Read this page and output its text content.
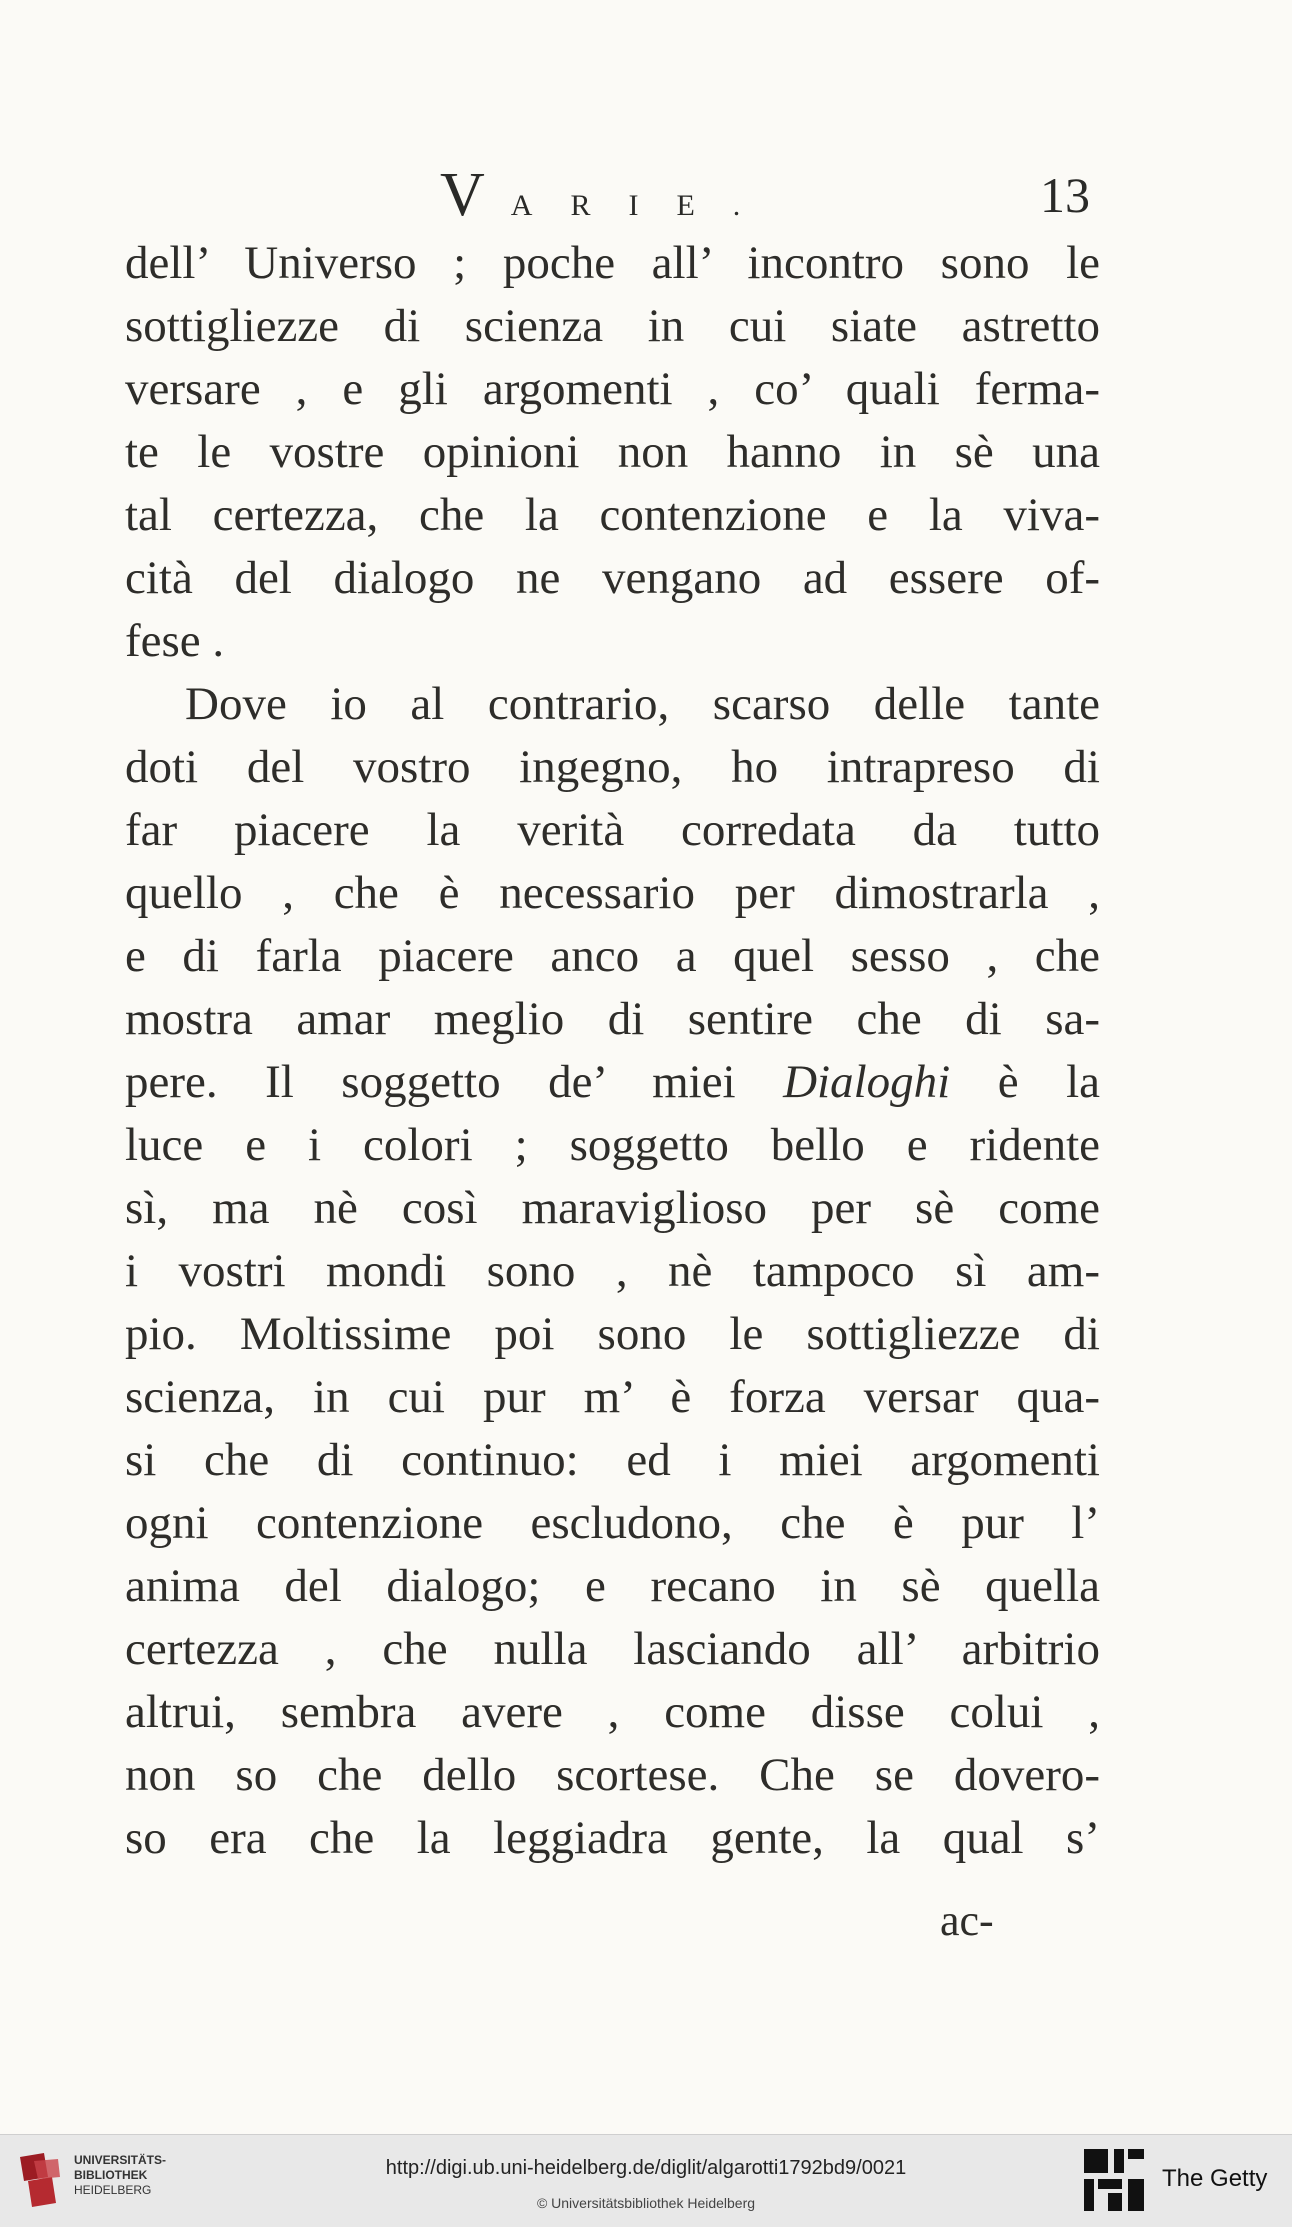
VARIE.	13
dell’ Universo ; poche all’ incontro sono le
sottigliezze di scienza in cui siate astretto
versare , e gli argomenti , co’ quali ferma-
te le vostre opinioni non hanno in sè una
tal certezza, che la contenzione e la viva-
cità del dialogo ne vengano ad essere of-
fese .
Dove io al contrario, scarso delle tante
doti del vostro ingegno, ho intrapreso di
far piacere la verità corredata da tutto
quello , che è necessario per dimostrarla ,
e di farla piacere anco a quel sesso , che
mostra amar meglio di sentire che di sa-
pere. Il soggetto de’ miei Dialoghi è la
luce e i colori ; soggetto bello e ridente
sì, ma nè così maraviglioso per sè come
i vostri mondi sono , nè tampoco sì am-
pio. Moltissime poi sono le sottigliezze di
scienza, in cui pur m’ è forza versar qua-
si che di continuo: ed i miei argomenti
ogni contenzione escludono, che è pur l’
anima del dialogo; e recano in sè quella
certezza , che nulla lasciando all’ arbitrio
altrui, sembra avere , come disse colui ,
non so che dello scortese. Che se dovero-
so era che la leggiadra gente, la qual s’
ac-
UNIVERSITÄTS-
BIBLIOTHEK
HEIDELBERG
http://digi.ub.uni-heidelberg.de/diglit/algarotti1792bd9/0021
© Universitätsbibliothek Heidelberg
The Getty
